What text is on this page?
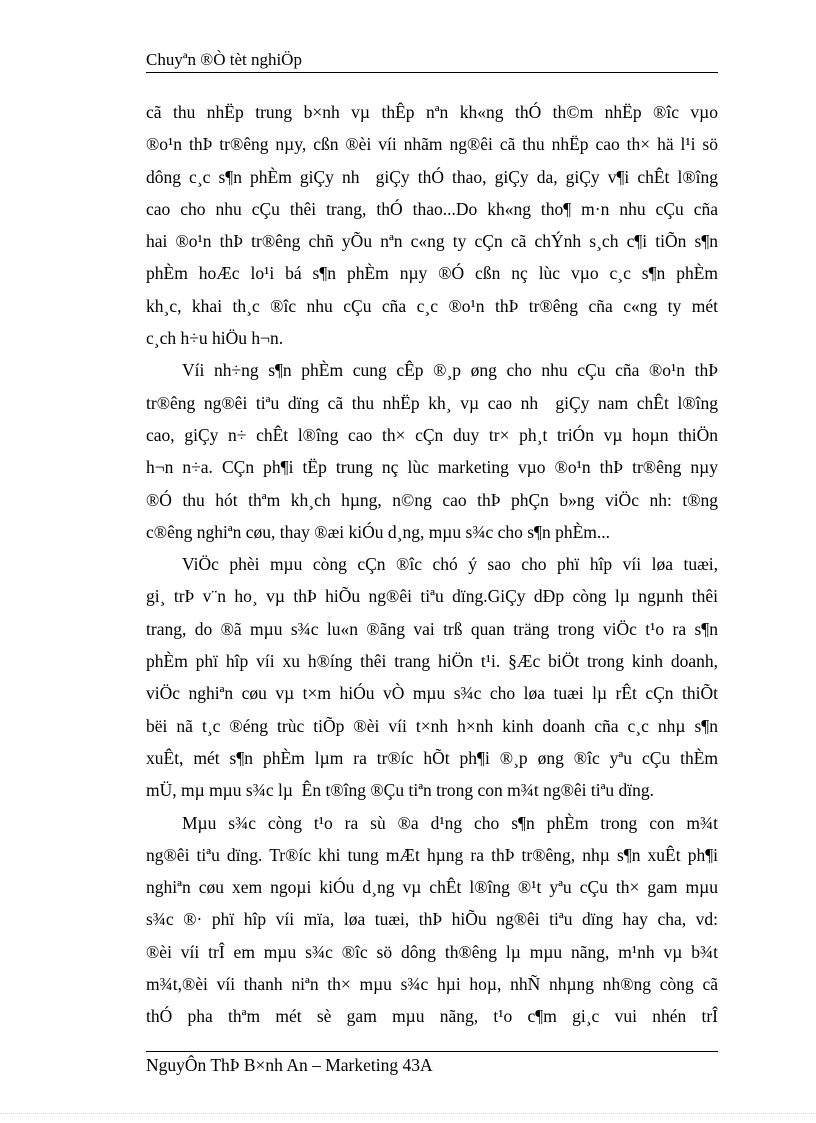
Chuyªn ®Ò tèt nghiÖp
cã thu nhËp trung b×nh vµ thÊp nªn kh«ng thÓ th©m nhËp ®îc vµo
®o¹n thÞ tr®êng nµy, cßn ®èi víi nhãm ng®êi cã thu nhËp cao th× hä l¹i sö
dông c¸c s¶n phÈm giÇy nh  giÇy thÓ thao, giÇy da, giÇy v¶i chÊt l®îng
cao cho nhu cÇu thêi trang, thÓ thao...Do kh«ng tho¶ m·n nhu cÇu cña
hai ®o¹n thÞ tr®êng chñ yÕu nªn c«ng ty cÇn cã chÝnh s¸ch c¶i tiÕn s¶n
phÈm hoÆc lo¹i bá s¶n phÈm nµy ®Ó cßn nç lùc vµo c¸c s¶n phÈm
kh¸c, khai th¸c ®îc nhu cÇu cña c¸c ®o¹n thÞ tr®êng cña c«ng ty mét
c¸ch h÷u hiÖu h¬n.
Víi nh÷ng s¶n phÈm cung cÊp ®¸p øng cho nhu cÇu cña ®o¹n thÞ
tr®êng ng®êi tiªu dïng cã thu nhËp kh¸ vµ cao nh  giÇy nam chÊt l®îng
cao, giÇy n÷ chÊt l®îng cao th× cÇn duy tr× ph¸t triÓn vµ hoµn thiÖn
h¬n n÷a. CÇn ph¶i tËp trung nç lùc marketing vµo ®o¹n thÞ tr®êng nµy
®Ó thu hót thªm kh¸ch hµng, n©ng cao thÞ phÇn b»ng viÖc nh: t®ng
c®êng nghiªn cøu, thay ®æi kiÓu d¸ng, mµu s¾c cho s¶n phÈm...
ViÖc phèi mµu còng cÇn ®îc chó ý sao cho phï hîp víi løa tuæi,
gi¸ trÞ v¨n ho¸ vµ thÞ hiÕu ng®êi tiªu dïng.GiÇy dÐp còng lµ ngµnh thêi
trang, do ®ã mµu s¾c lu«n ®ãng vai trß quan träng trong viÖc t¹o ra s¶n
phÈm phï hîp víi xu h®íng thêi trang hiÖn t¹i. §Æc biÖt trong kinh doanh,
viÖc nghiªn cøu vµ t×m hiÓu vÒ mµu s¾c cho løa tuæi lµ rÊt cÇn thiÕt
bëi nã t¸c ®éng trùc tiÕp ®èi víi t×nh h×nh kinh doanh cña c¸c nhµ s¶n
xuÊt, mét s¶n phÈm lµm ra tr®íc hÕt ph¶i ®¸p øng ®îc yªu cÇu thÈm
mÜ, mµ mµu s¾c lµ  Ên t®îng ®Çu tiªn trong con m¾t ng®êi tiªu dïng.
Mµu s¾c còng t¹o ra sù ®a d¹ng cho s¶n phÈm trong con m¾t
ng®êi tiªu dïng. Tr®íc khi tung mÆt hµng ra thÞ tr®êng, nhµ s¶n xuÊt ph¶i
nghiªn cøu xem ngoµi kiÓu d¸ng vµ chÊt l®îng ®¹t yªu cÇu th× gam mµu
s¾c ®· phï hîp víi mïa, løa tuæi, thÞ hiÕu ng®êi tiªu dïng hay cha, vd:
®èi víi trÎ em mµu s¾c ®îc sö dông th®êng lµ mµu nãng, m¹nh vµ b¾t
m¾t,®èi víi thanh niªn th× mµu s¾c hµi hoµ, nhÑ nhµng nh®ng còng cã
thÓ pha thªm mét sè gam mµu nãng, t¹o c¶m gi¸c vui nhén trÎ
NguyÔn ThÞ B×nh An – Marketing 43A
